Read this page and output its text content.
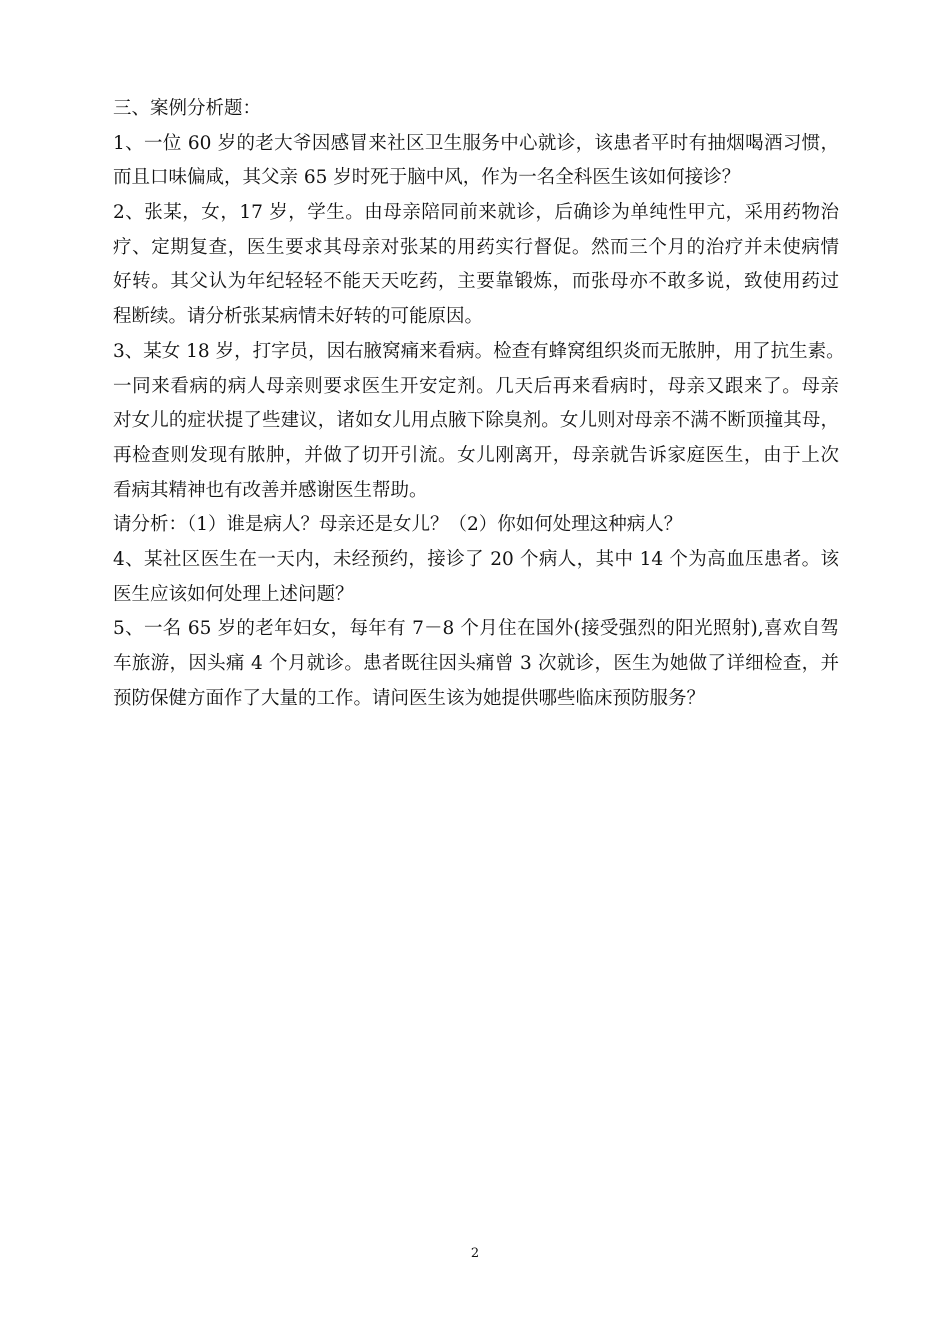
三、案例分析题：
1、一位 60 岁的老大爷因感冒来社区卫生服务中心就诊，该患者平时有抽烟喝酒习惯，
而且口味偏咸，其父亲 65 岁时死于脑中风，作为一名全科医生该如何接诊？
2、张某，女，17 岁，学生。由母亲陪同前来就诊，后确诊为单纯性甲亢，采用药物治
疗、定期复查，医生要求其母亲对张某的用药实行督促。然而三个月的治疗并未使病情
好转。其父认为年纪轻轻不能天天吃药，主要靠锻炼，而张母亦不敢多说，致使用药过
程断续。请分析张某病情未好转的可能原因。
3、某女 18 岁，打字员，因右腋窝痛来看病。检查有蜂窝组织炎而无脓肿，用了抗生素。
一同来看病的病人母亲则要求医生开安定剂。几天后再来看病时，母亲又跟来了。母亲
对女儿的症状提了些建议，诸如女儿用点腋下除臭剂。女儿则对母亲不满不断顶撞其母，
再检查则发现有脓肿，并做了切开引流。女儿刚离开，母亲就告诉家庭医生，由于上次
看病其精神也有改善并感谢医生帮助。
请分析：（1）谁是病人？母亲还是女儿？（2）你如何处理这种病人？
4、某社区医生在一天内，未经预约，接诊了 20 个病人，其中 14 个为高血压患者。该
医生应该如何处理上述问题？
5、一名 65 岁的老年妇女，每年有 7－8 个月住在国外(接受强烈的阳光照射),喜欢自驾
车旅游，因头痛 4 个月就诊。患者既往因头痛曾 3 次就诊，医生为她做了详细检查，并
预防保健方面作了大量的工作。请问医生该为她提供哪些临床预防服务？
2
